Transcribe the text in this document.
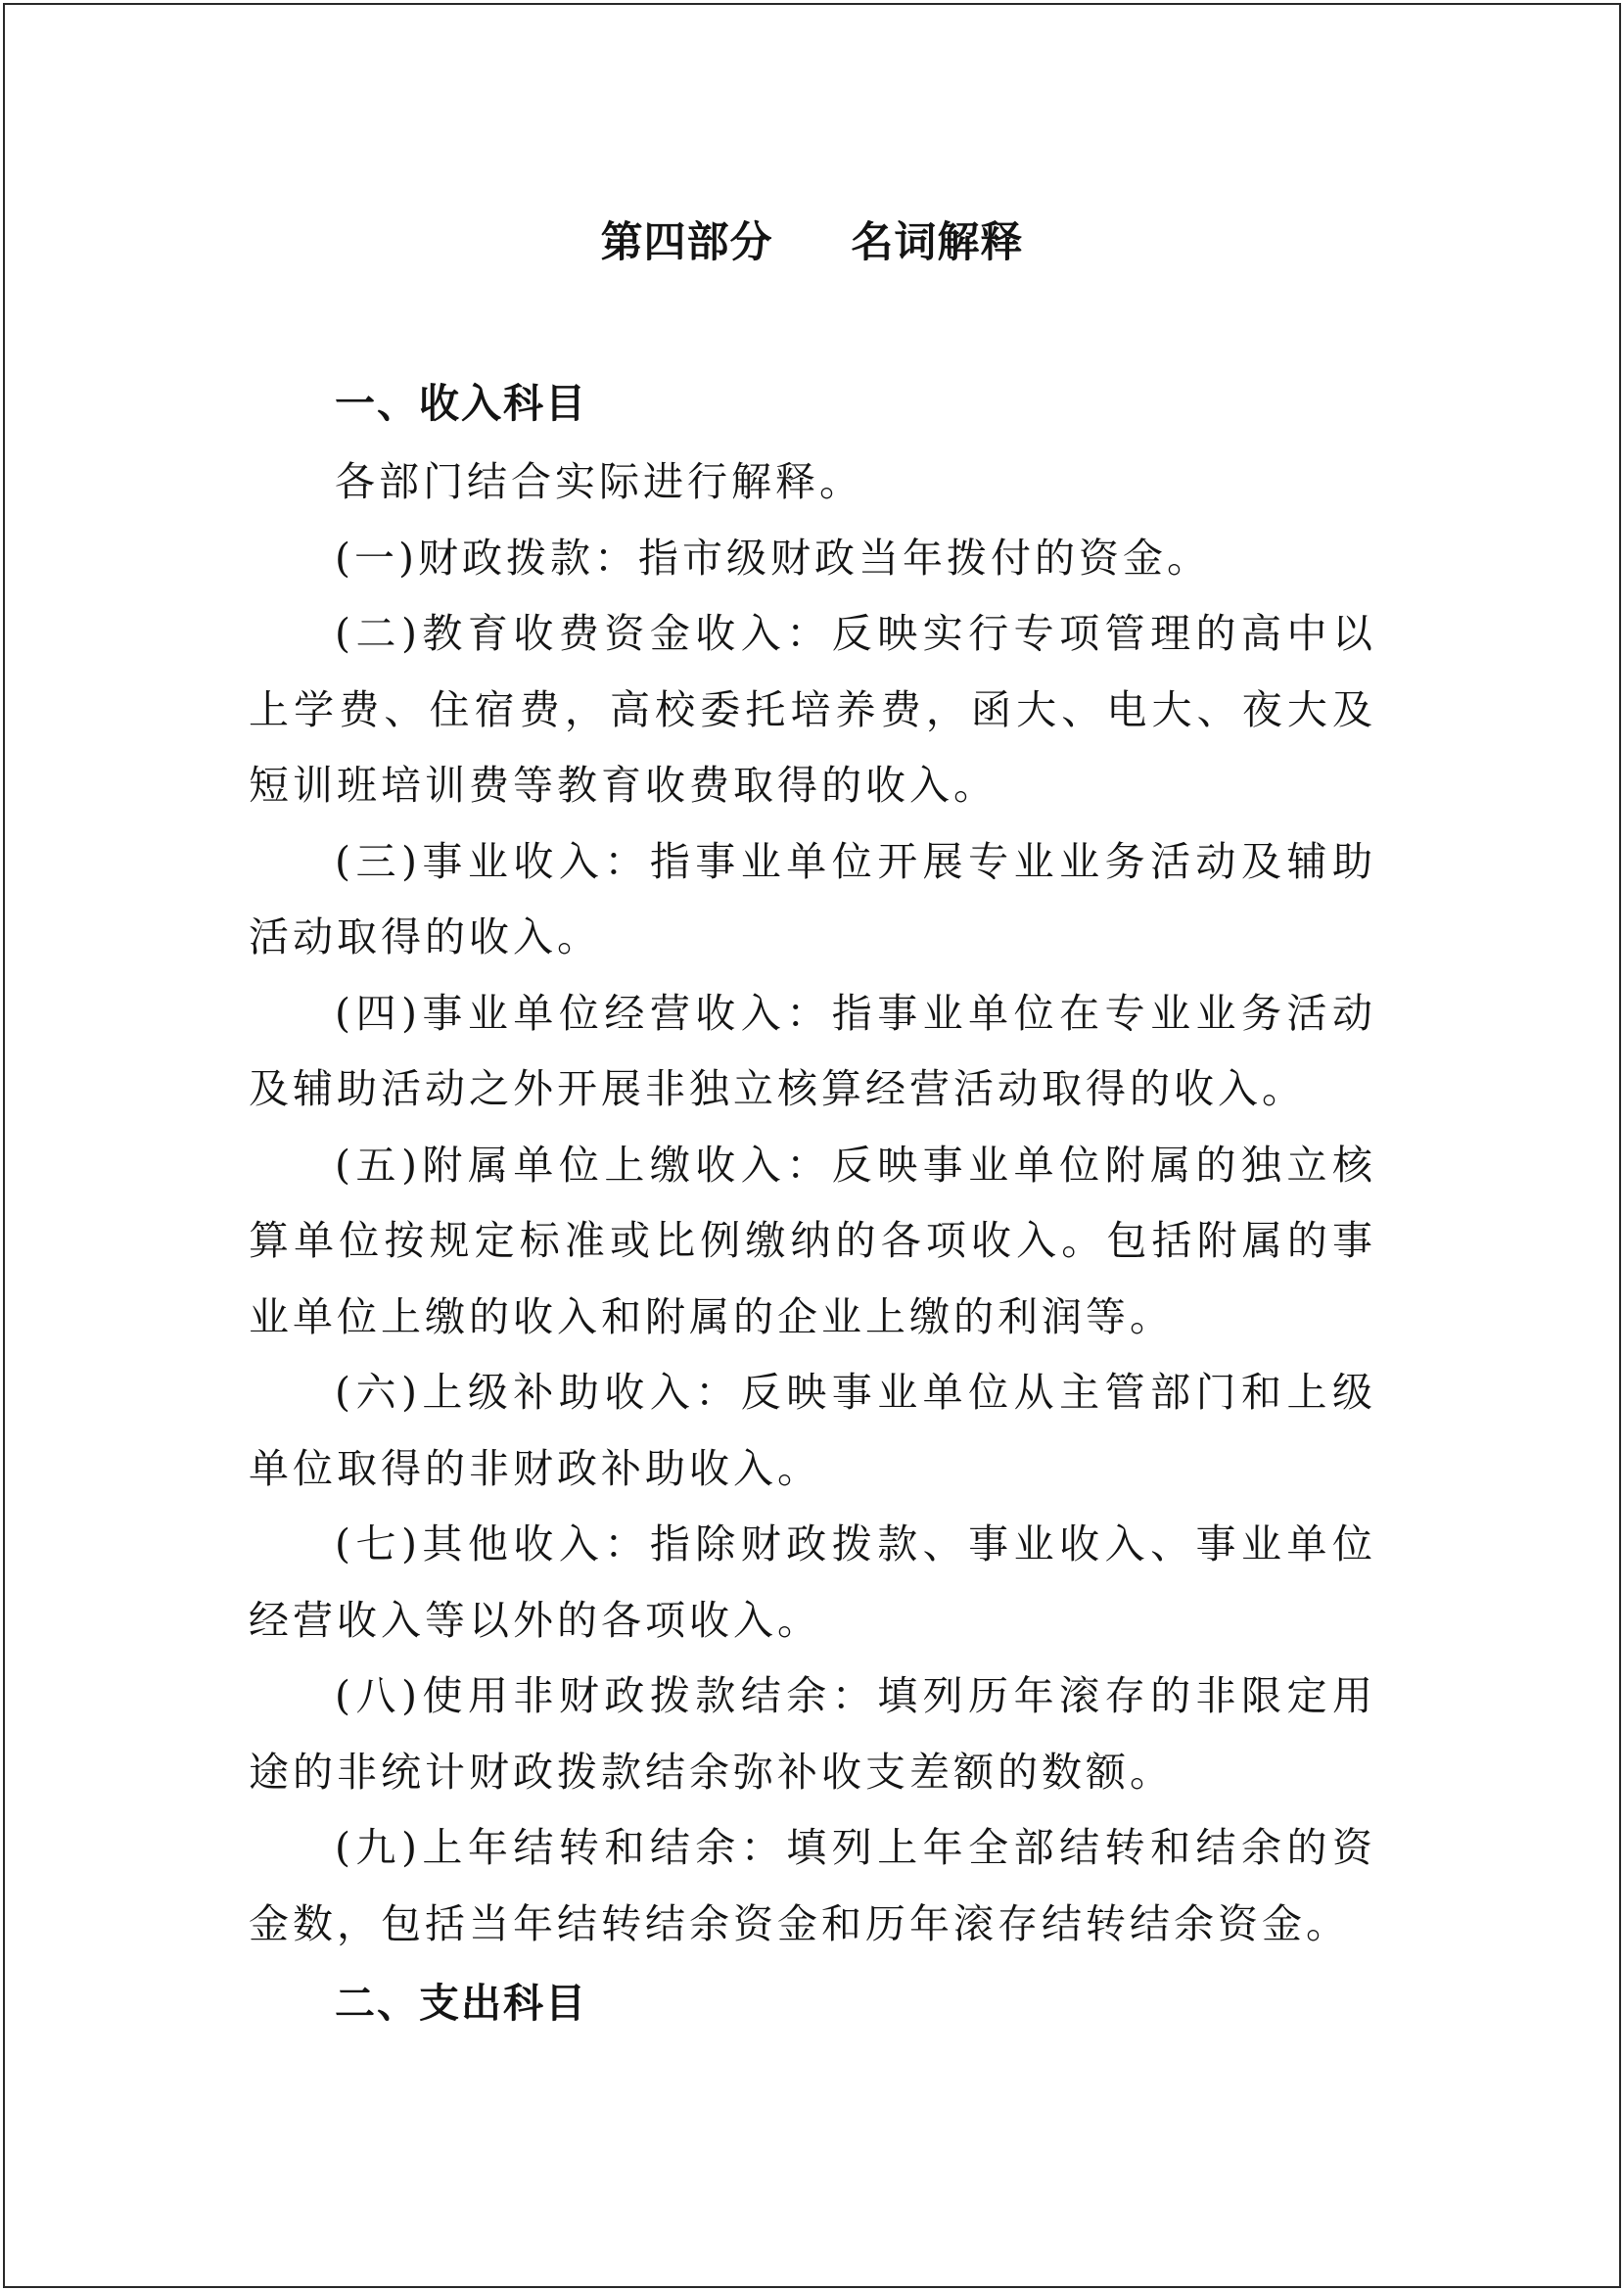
第四部分     名词解释

一、收入科目

各部门结合实际进行解释。

(一)财政拨款：指市级财政当年拨付的资金。

(二)教育收费资金收入：反映实行专项管理的高中以上学费、住宿费，高校委托培养费，函大、电大、夜大及短训班培训费等教育收费取得的收入。

(三)事业收入：指事业单位开展专业业务活动及辅助活动取得的收入。

(四)事业单位经营收入：指事业单位在专业业务活动及辅助活动之外开展非独立核算经营活动取得的收入。

(五)附属单位上缴收入：反映事业单位附属的独立核算单位按规定标准或比例缴纳的各项收入。包括附属的事业单位上缴的收入和附属的企业上缴的利润等。

(六)上级补助收入：反映事业单位从主管部门和上级单位取得的非财政补助收入。

(七)其他收入：指除财政拨款、事业收入、事业单位经营收入等以外的各项收入。

(八)使用非财政拨款结余：填列历年滚存的非限定用途的非统计财政拨款结余弥补收支差额的数额。

(九)上年结转和结余：填列上年全部结转和结余的资金数，包括当年结转结余资金和历年滚存结转结余资金。

二、支出科目
